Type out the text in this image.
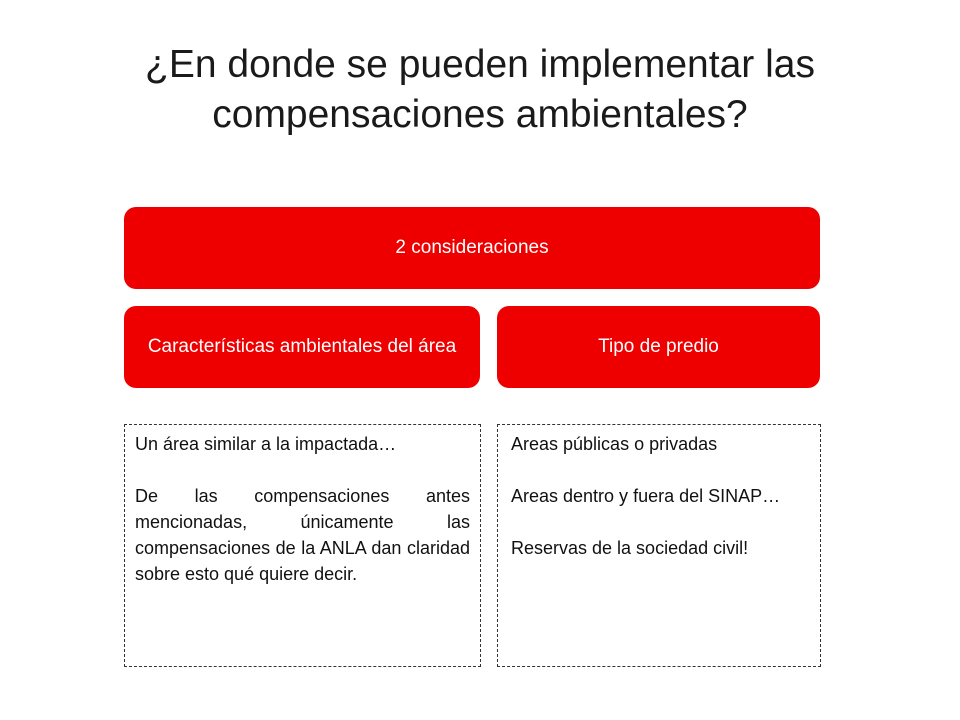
¿En donde se pueden implementar las
compensaciones ambientales?
2 consideraciones
Características ambientales del área	Tipo de predio

Un área similar a la impactada…

De las compensaciones antes mencionadas, únicamente las compensaciones de la ANLA dan claridad sobre esto qué quiere decir.

Areas públicas o privadas

Areas dentro y fuera del SINAP…

Reservas de la sociedad civil!
